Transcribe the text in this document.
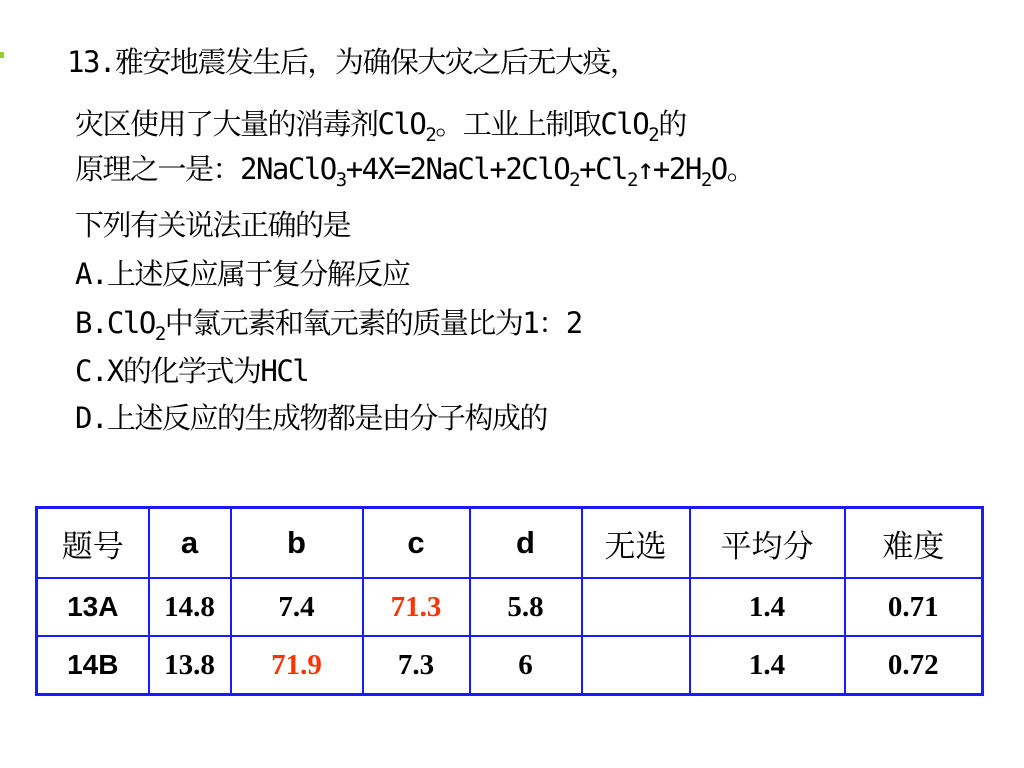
13.雅安地震发生后，为确保大灾之后无大疫，
灾区使用了大量的消毒剂ClO$_2$。工业上制取ClO$_2$的
原理之一是：$2NaClO_3+4X=2NaCl+2ClO_2+Cl_2↑+2H_2O$。
下列有关说法正确的是
A.上述反应属于复分解反应
B.ClO$_2$中氯元素和氧元素的质量比为1：2
C.X的化学式为HCl
D.上述反应的生成物都是由分子构成的
题号	a	b	c	d	无选	平均分	难度
13A	14.8	7.4	71.3	5.8		1.4	0.71
14B	13.8	71.9	7.3	6		1.4	0.72
